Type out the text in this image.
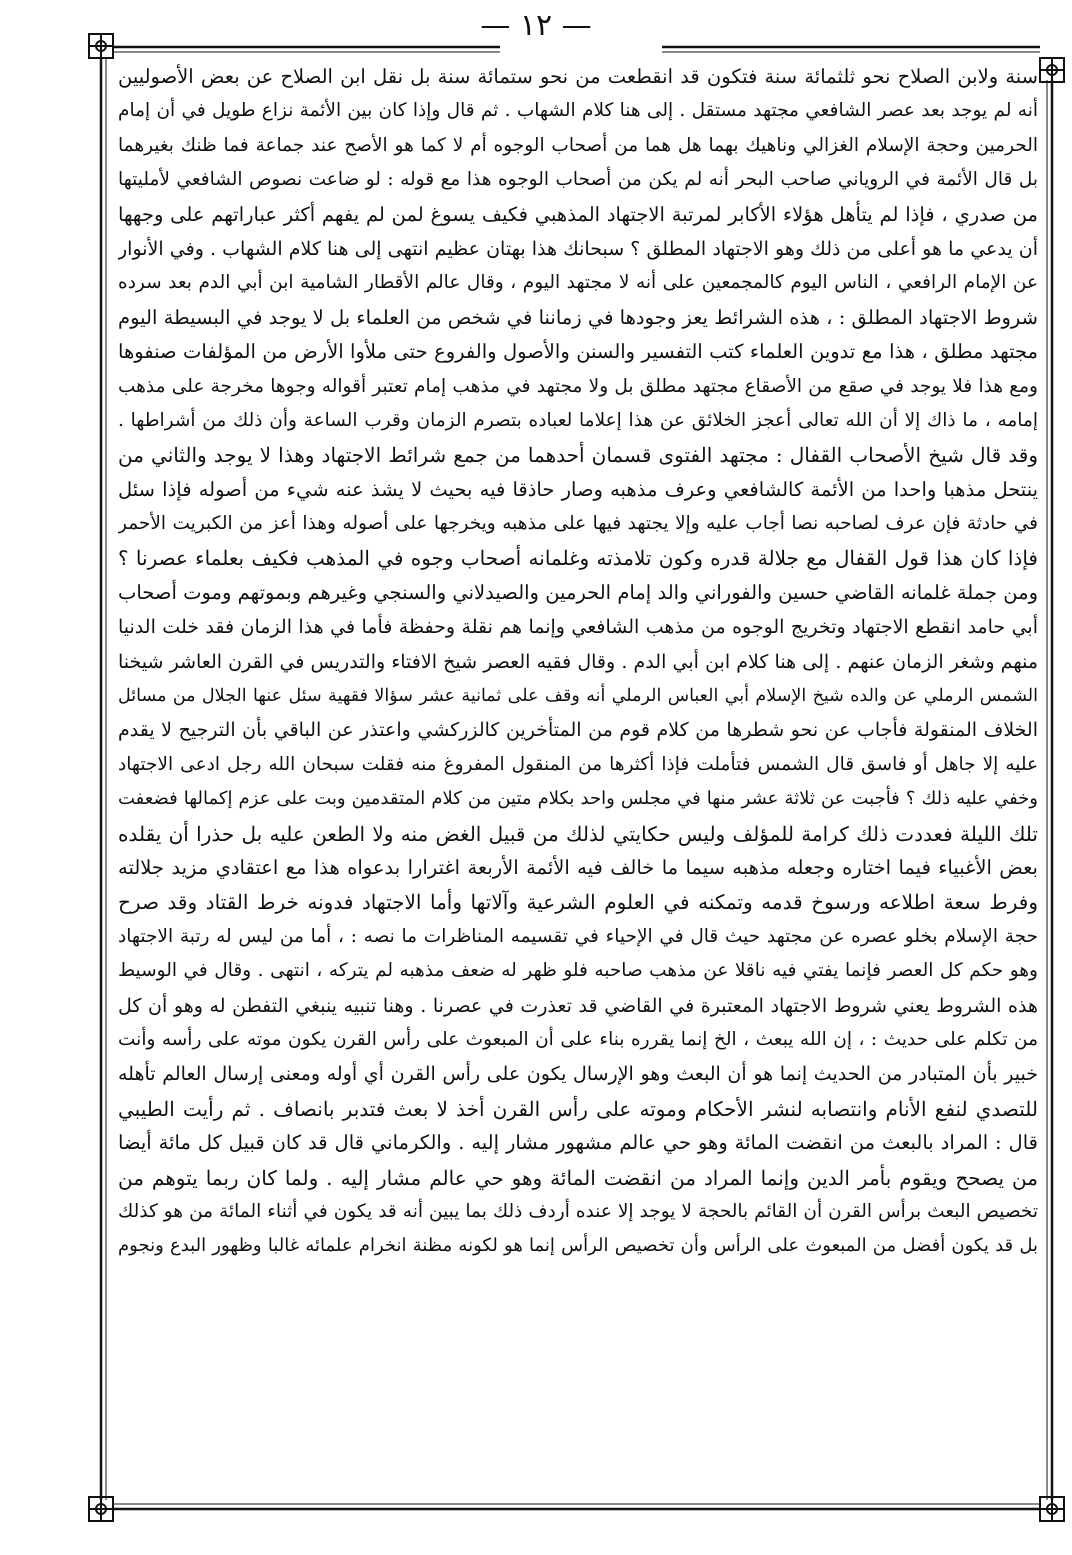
— ١٢ —
سنة ولابن الصلاح نحو ثلثمائة سنة فتكون قد انقطعت من نحو ستمائة سنة بل نقل ابن الصلاح عن بعض الأصوليين
أنه لم يوجد بعد عصر الشافعي مجتهد مستقل . إلى هنا كلام الشهاب . ثم قال وإذا كان بين الأئمة نزاع طويل في أن إمام
الحرمين وحجة الإسلام الغزالي وناهيك بهما هل هما من أصحاب الوجوه أم لا كما هو الأصح عند جماعة فما ظنك بغيرهما
بل قال الأئمة في الروياني صاحب البحر أنه لم يكن من أصحاب الوجوه هذا مع قوله : لو ضاعت نصوص الشافعي لأمليتها
من صدري ، فإذا لم يتأهل هؤلاء الأكابر لمرتبة الاجتهاد المذهبي فكيف يسوغ لمن لم يفهم أكثر عباراتهم على وجهها
أن يدعي ما هو أعلى من ذلك وهو الاجتهاد المطلق ؟ سبحانك هذا بهتان عظيم انتهى إلى هنا كلام الشهاب . وفي الأنوار
عن الإمام الرافعي ، الناس اليوم كالمجمعين على أنه لا مجتهد اليوم ، وقال عالم الأقطار الشامية ابن أبي الدم بعد سرده
شروط الاجتهاد المطلق : ، هذه الشرائط يعز وجودها في زماننا في شخص من العلماء بل لا يوجد في البسيطة اليوم
مجتهد مطلق ، هذا مع تدوين العلماء كتب التفسير والسنن والأصول والفروع حتى ملأوا الأرض من المؤلفات صنفوها
ومع هذا فلا يوجد في صقع من الأصقاع مجتهد مطلق بل ولا مجتهد في مذهب إمام تعتبر أقواله وجوها مخرجة على مذهب
إمامه ، ما ذاك إلا أن الله تعالى أعجز الخلائق عن هذا إعلاما لعباده بتصرم الزمان وقرب الساعة وأن ذلك من أشراطها .
وقد قال شيخ الأصحاب القفال : مجتهد الفتوى قسمان أحدهما من جمع شرائط الاجتهاد وهذا لا يوجد والثاني من
ينتحل مذهبا واحدا من الأئمة كالشافعي وعرف مذهبه وصار حاذقا فيه بحيث لا يشذ عنه شيء من أصوله فإذا سئل
في حادثة فإن عرف لصاحبه نصا أجاب عليه وإلا يجتهد فيها على مذهبه ويخرجها على أصوله وهذا أعز من الكبريت الأحمر
فإذا كان هذا قول القفال مع جلالة قدره وكون تلامذته وغلمانه أصحاب وجوه في المذهب فكيف بعلماء عصرنا ؟
ومن جملة غلمانه القاضي حسين والفوراني والد إمام الحرمين والصيدلاني والسنجي وغيرهم وبموتهم وموت أصحاب
أبي حامد انقطع الاجتهاد وتخريج الوجوه من مذهب الشافعي وإنما هم نقلة وحفظة فأما في هذا الزمان فقد خلت الدنيا
منهم وشغر الزمان عنهم . إلى هنا كلام ابن أبي الدم . وقال فقيه العصر شيخ الافتاء والتدريس في القرن العاشر شيخنا
الشمس الرملي عن والده شيخ الإسلام أبي العباس الرملي أنه وقف على ثمانية عشر سؤالا فقهية سئل عنها الجلال من مسائل
الخلاف المنقولة فأجاب عن نحو شطرها من كلام قوم من المتأخرين كالزركشي واعتذر عن الباقي بأن الترجيح لا يقدم
عليه إلا جاهل أو فاسق قال الشمس فتأملت فإذا أكثرها من المنقول المفروغ منه فقلت سبحان الله رجل ادعى الاجتهاد
وخفي عليه ذلك ؟ فأجبت عن ثلاثة عشر منها في مجلس واحد بكلام متين من كلام المتقدمين وبت على عزم إكمالها فضعفت
تلك الليلة فعددت ذلك كرامة للمؤلف وليس حكايتي لذلك من قبيل الغض منه ولا الطعن عليه بل حذرا أن يقلده
بعض الأغبياء فيما اختاره وجعله مذهبه سيما ما خالف فيه الأئمة الأربعة اغترارا بدعواه هذا مع اعتقادي مزيد جلالته
وفرط سعة اطلاعه ورسوخ قدمه وتمكنه في العلوم الشرعية وآلاتها وأما الاجتهاد فدونه خرط القتاد وقد صرح
حجة الإسلام بخلو عصره عن مجتهد حيث قال في الإحياء في تقسيمه المناظرات ما نصه : ، أما من ليس له رتبة الاجتهاد
وهو حكم كل العصر فإنما يفتي فيه ناقلا عن مذهب صاحبه فلو ظهر له ضعف مذهبه لم يتركه ، انتهى . وقال في الوسيط
هذه الشروط يعني شروط الاجتهاد المعتبرة في القاضي قد تعذرت في عصرنا . وهنا تنبيه ينبغي التفطن له وهو أن كل
من تكلم على حديث : ، إن الله يبعث ، الخ إنما يقرره بناء على أن المبعوث على رأس القرن يكون موته على رأسه وأنت
خبير بأن المتبادر من الحديث إنما هو أن البعث وهو الإرسال يكون على رأس القرن أي أوله ومعنى إرسال العالم تأهله
للتصدي لنفع الأنام وانتصابه لنشر الأحكام وموته على رأس القرن أخذ لا بعث فتدبر بانصاف . ثم رأيت الطيبي
قال : المراد بالبعث من انقضت المائة وهو حي عالم مشهور مشار إليه . والكرماني قال قد كان قبيل كل مائة أيضا
من يصحح ويقوم بأمر الدين وإنما المراد من انقضت المائة وهو حي عالم مشار إليه . ولما كان ربما يتوهم من
تخصيص البعث برأس القرن أن القائم بالحجة لا يوجد إلا عنده أردف ذلك بما يبين أنه قد يكون في أثناء المائة من هو كذلك
بل قد يكون أفضل من المبعوث على الرأس وأن تخصيص الرأس إنما هو لكونه مظنة انخرام علمائه غالبا وظهور البدع ونجوم
